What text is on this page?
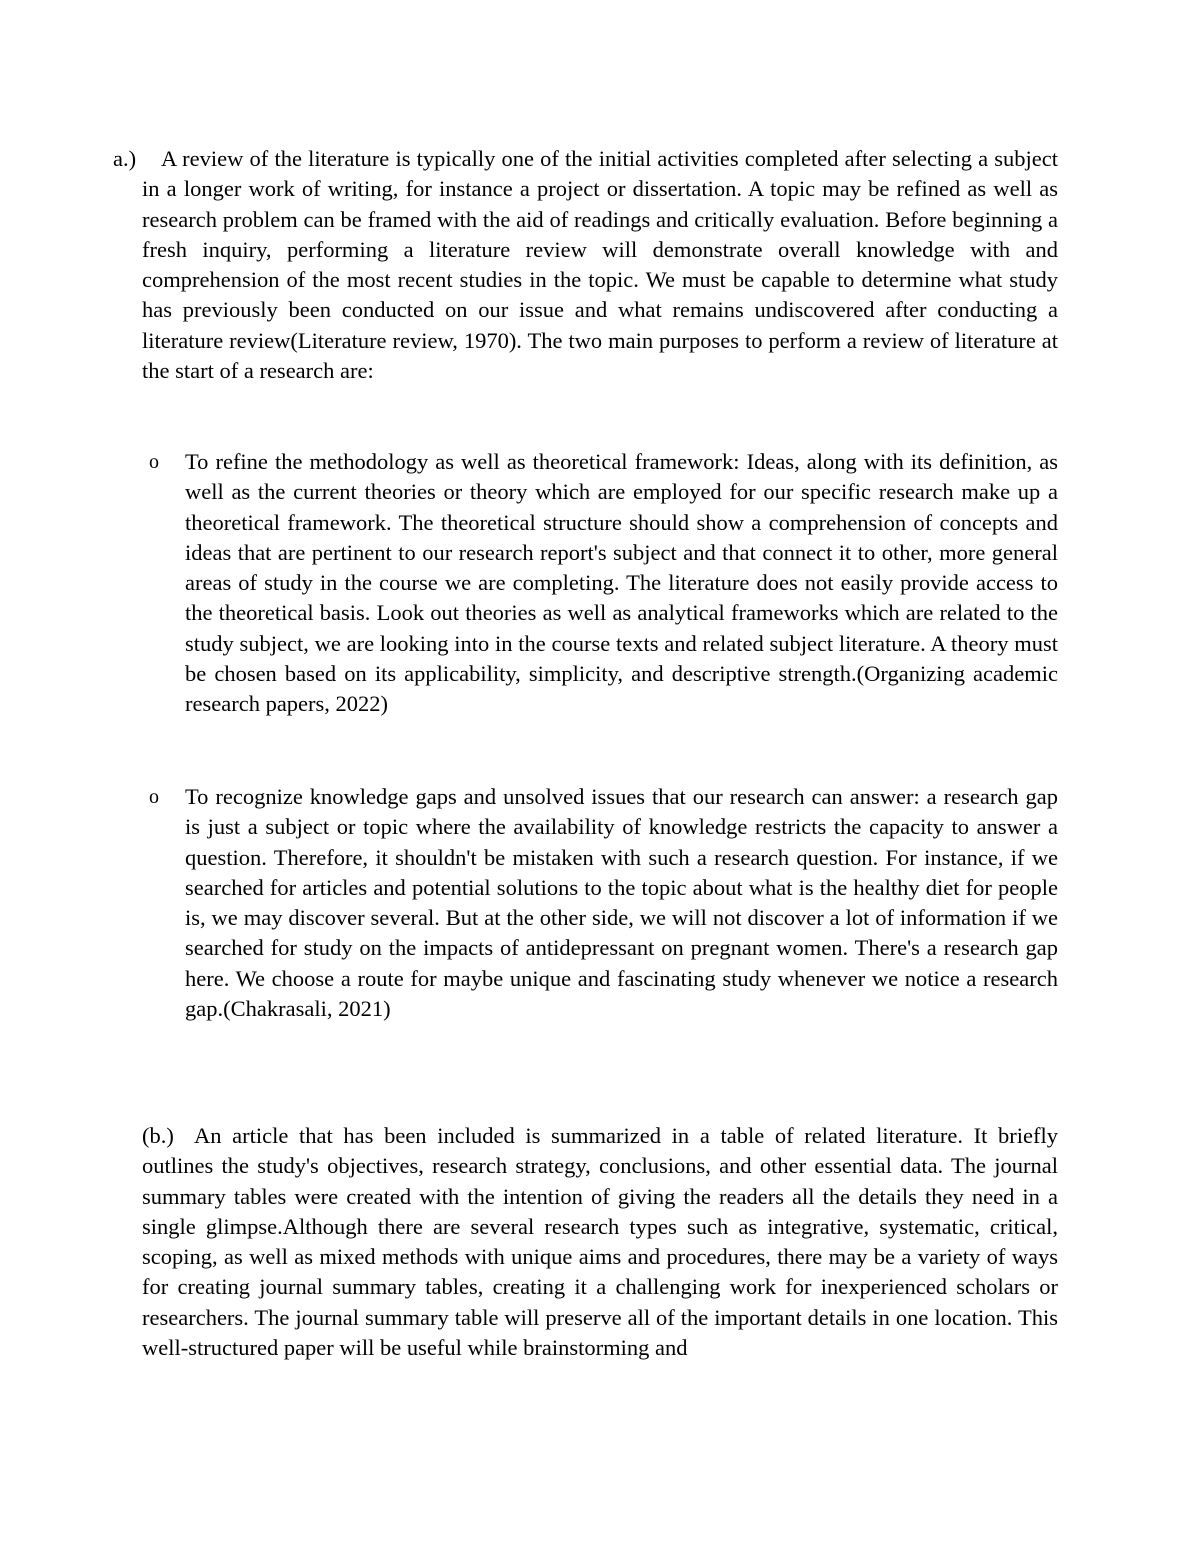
a.) A review of the literature is typically one of the initial activities completed after selecting a subject in a longer work of writing, for instance a project or dissertation. A topic may be refined as well as research problem can be framed with the aid of readings and critically evaluation. Before beginning a fresh inquiry, performing a literature review will demonstrate overall knowledge with and comprehension of the most recent studies in the topic. We must be capable to determine what study has previously been conducted on our issue and what remains undiscovered after conducting a literature review(Literature review, 1970). The two main purposes to perform a review of literature at the start of a research are:

o To refine the methodology as well as theoretical framework: Ideas, along with its definition, as well as the current theories or theory which are employed for our specific research make up a theoretical framework. The theoretical structure should show a comprehension of concepts and ideas that are pertinent to our research report's subject and that connect it to other, more general areas of study in the course we are completing. The literature does not easily provide access to the theoretical basis. Look out theories as well as analytical frameworks which are related to the study subject, we are looking into in the course texts and related subject literature. A theory must be chosen based on its applicability, simplicity, and descriptive strength.(Organizing academic research papers, 2022)

o To recognize knowledge gaps and unsolved issues that our research can answer: a research gap is just a subject or topic where the availability of knowledge restricts the capacity to answer a question. Therefore, it shouldn't be mistaken with such a research question. For instance, if we searched for articles and potential solutions to the topic about what is the healthy diet for people is, we may discover several. But at the other side, we will not discover a lot of information if we searched for study on the impacts of antidepressant on pregnant women. There's a research gap here. We choose a route for maybe unique and fascinating study whenever we notice a research gap.(Chakrasali, 2021)

(b.) An article that has been included is summarized in a table of related literature. It briefly outlines the study's objectives, research strategy, conclusions, and other essential data. The journal summary tables were created with the intention of giving the readers all the details they need in a single glimpse.Although there are several research types such as integrative, systematic, critical, scoping, as well as mixed methods with unique aims and procedures, there may be a variety of ways for creating journal summary tables, creating it a challenging work for inexperienced scholars or researchers. The journal summary table will preserve all of the important details in one location. This well-structured paper will be useful while brainstorming and
